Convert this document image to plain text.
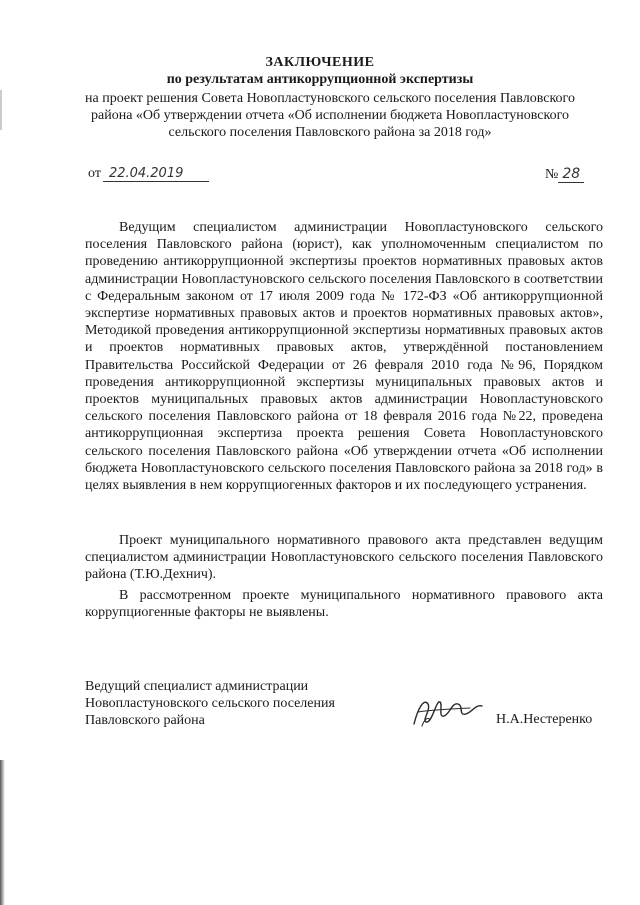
ЗАКЛЮЧЕНИЕ
по результатам антикоррупционной экспертизы
на проект решения Совета Новопластуновского сельского поселения Павловского района «Об утверждении отчета «Об исполнении бюджета Новопластуновского сельского поселения Павловского района за 2018 год»
от 22.04.2019	№ 28

Ведущим специалистом администрации Новопластуновского сельского поселения Павловского района (юрист), как уполномоченным специалистом по проведению антикоррупционной экспертизы проектов нормативных правовых актов администрации Новопластуновского сельского поселения Павловского в соответствии с Федеральным законом от 17 июля 2009 года № 172-ФЗ «Об антикоррупционной экспертизе нормативных правовых актов и проектов нормативных правовых актов», Методикой проведения антикоррупционной экспертизы нормативных правовых актов и проектов нормативных правовых актов, утверждённой постановлением Правительства Российской Федерации от 26 февраля 2010 года №96, Порядком проведения антикоррупционной экспертизы муниципальных правовых актов и проектов муниципальных правовых актов администрации Новопластуновского сельского поселения Павловского района от 18 февраля 2016 года №22, проведена антикоррупционная экспертиза проекта решения Совета Новопластуновского сельского поселения Павловского района «Об утверждении отчета «Об исполнении бюджета Новопластуновского сельского поселения Павловского района за 2018 год» в целях выявления в нем коррупциогенных факторов и их последующего устранения.

Проект муниципального нормативного правового акта представлен ведущим специалистом администрации Новопластуновского сельского поселения Павловского района (Т.Ю.Дехнич).

В рассмотренном проекте муниципального нормативного правового акта коррупциогенные факторы не выявлены.

Ведущий специалист администрации
Новопластуновского сельского поселения
Павловского района	Н.А.Нестеренко
